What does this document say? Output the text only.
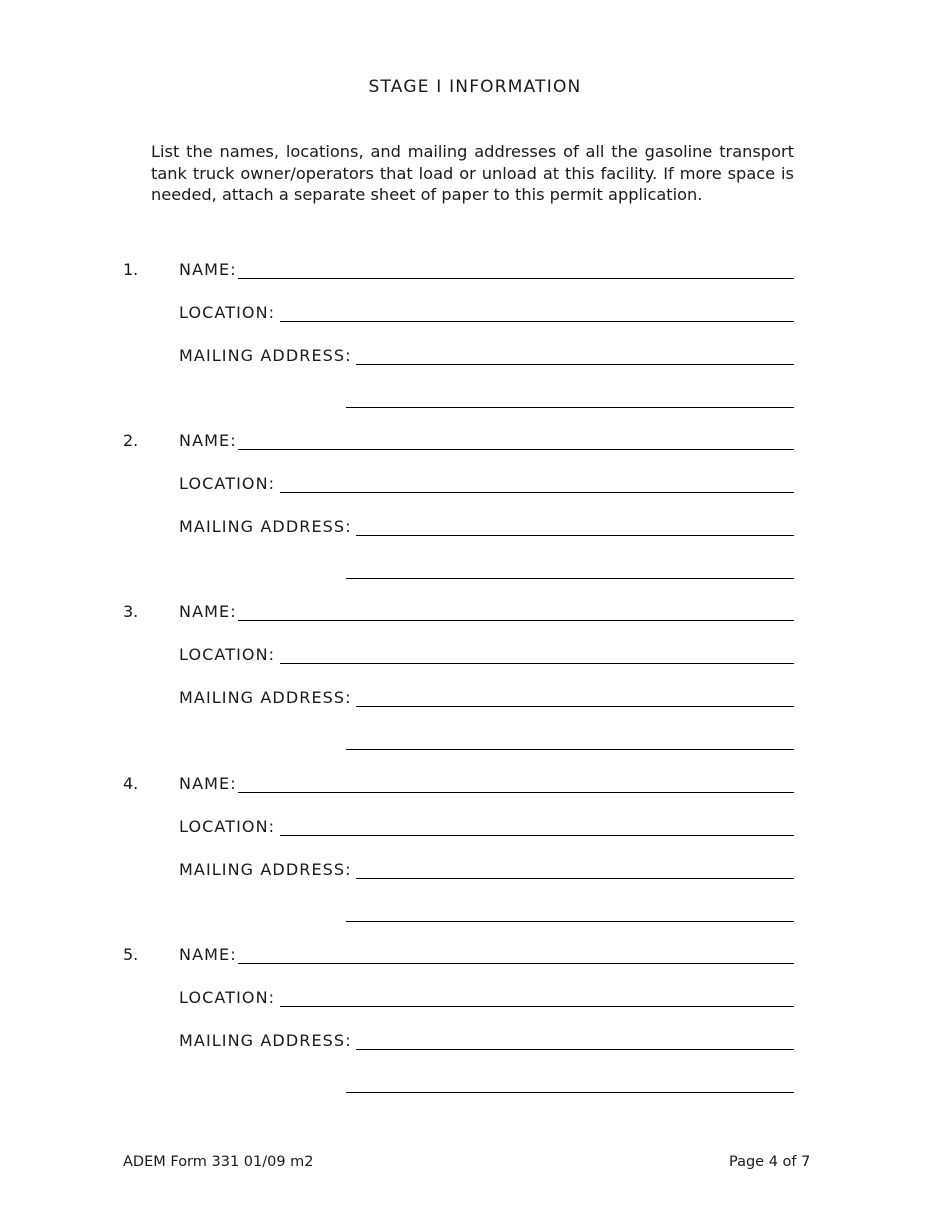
STAGE I INFORMATION
List the names, locations, and mailing addresses of all the gasoline transport tank truck owner/operators that load or unload at this facility. If more space is needed, attach a separate sheet of paper to this permit application.
1.	NAME:
LOCATION:
MAILING ADDRESS:
2.	NAME:
LOCATION:
MAILING ADDRESS:
3.	NAME:
LOCATION:
MAILING ADDRESS:
4.	NAME:
LOCATION:
MAILING ADDRESS:
5.	NAME:
LOCATION:
MAILING ADDRESS:
ADEM Form 331 01/09 m2	Page 4 of 7
